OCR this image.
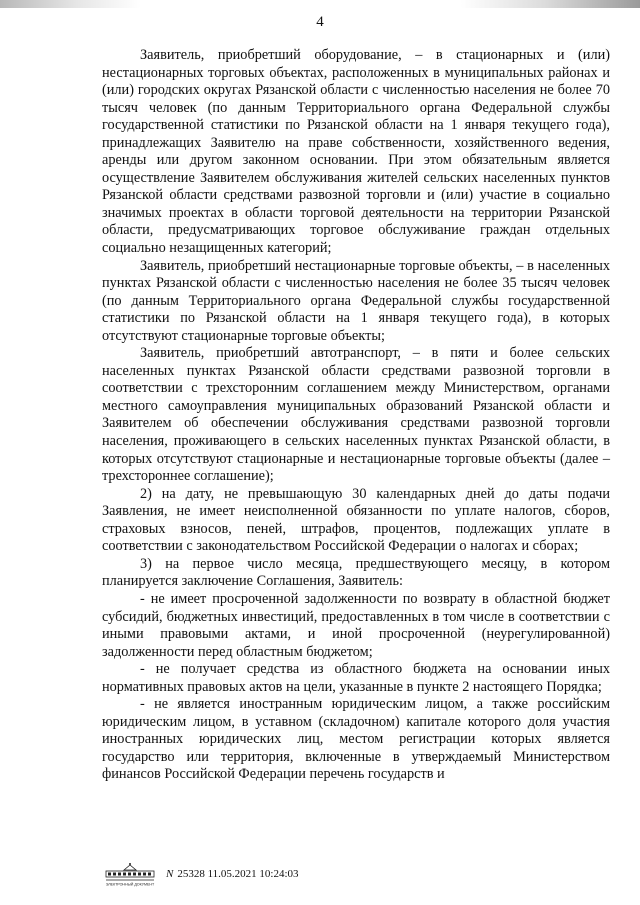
4

Заявитель, приобретший оборудование, – в стационарных и (или) нестационарных торговых объектах, расположенных в муниципальных районах и (или) городских округах Рязанской области с численностью населения не более 70 тысяч человек (по данным Территориального органа Федеральной службы государственной статистики по Рязанской области на 1 января текущего года), принадлежащих Заявителю на праве собственности, хозяйственного ведения, аренды или другом законном основании. При этом обязательным является осуществление Заявителем обслуживания жителей сельских населенных пунктов Рязанской области средствами развозной торговли и (или) участие в социально значимых проектах в области торговой деятельности на территории Рязанской области, предусматривающих торговое обслуживание граждан отдельных социально незащищенных категорий;

Заявитель, приобретший нестационарные торговые объекты, – в населенных пунктах Рязанской области с численностью населения не более 35 тысяч человек (по данным Территориального органа Федеральной службы государственной статистики по Рязанской области на 1 января текущего года), в которых отсутствуют стационарные торговые объекты;

Заявитель, приобретший автотранспорт, – в пяти и более сельских населенных пунктах Рязанской области средствами развозной торговли в соответствии с трехсторонним соглашением между Министерством, органами местного самоуправления муниципальных образований Рязанской области и Заявителем об обеспечении обслуживания средствами развозной торговли населения, проживающего в сельских населенных пунктах Рязанской области, в которых отсутствуют стационарные и нестационарные торговые объекты (далее – трехстороннее соглашение);

2) на дату, не превышающую 30 календарных дней до даты подачи Заявления, не имеет неисполненной обязанности по уплате налогов, сборов, страховых взносов, пеней, штрафов, процентов, подлежащих уплате в соответствии с законодательством Российской Федерации о налогах и сборах;

3) на первое число месяца, предшествующего месяцу, в котором планируется заключение Соглашения, Заявитель:

- не имеет просроченной задолженности по возврату в областной бюджет субсидий, бюджетных инвестиций, предоставленных в том числе в соответствии с иными правовыми актами, и иной просроченной (неурегулированной) задолженности перед областным бюджетом;

- не получает средства из областного бюджета на основании иных нормативных правовых актов на цели, указанные в пункте 2 настоящего Порядка;

- не является иностранным юридическим лицом, а также российским юридическим лицом, в уставном (складочном) капитале которого доля участия иностранных юридических лиц, местом регистрации которых является государство или территория, включенные в утверждаемый Министерством финансов Российской Федерации перечень государств и

ЭЛЕКТРОННЫЙ ДОКУМЕНТ
N 25328 11.05.2021 10:24:03
